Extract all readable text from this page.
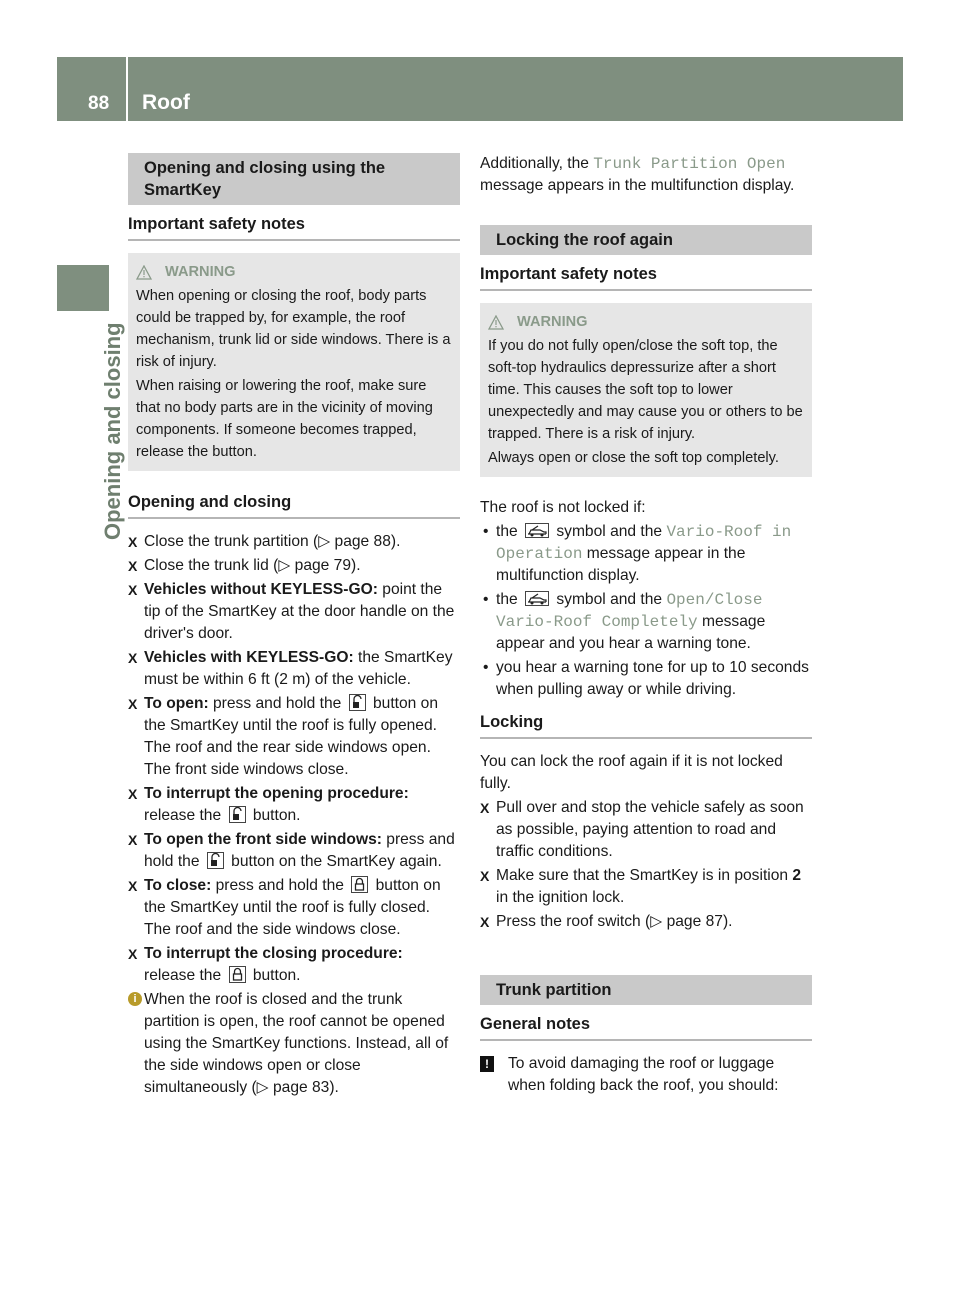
88 Roof
Opening and closing
Opening and closing using the SmartKey
Important safety notes
WARNING

When opening or closing the roof, body parts could be trapped by, for example, the roof mechanism, trunk lid or side windows. There is a risk of injury.

When raising or lowering the roof, make sure that no body parts are in the vicinity of moving components. If someone becomes trapped, release the button.

Opening and closing
X Close the trunk partition (▷ page 88).
X Close the trunk lid (▷ page 79).
X Vehicles without KEYLESS-GO: point the tip of the SmartKey at the door handle on the driver's door.
X Vehicles with KEYLESS-GO: the SmartKey must be within 6 ft (2 m) of the vehicle.
X To open: press and hold the
button on the SmartKey until the roof is fully opened.
The roof and the rear side windows open. The front side windows close.
X To interrupt the opening procedure:
release the
button.
X To open the front side windows: press and hold the
button on the SmartKey again.
X To close: press and hold the
button on the SmartKey until the roof is fully closed.
The roof and the side windows close.
X To interrupt the closing procedure:
release the
button.
i When the roof is closed and the trunk partition is open, the roof cannot be opened using the SmartKey functions. Instead, all of the side windows open or close simultaneously (▷ page 83).

Additionally, the Trunk Partition Open message appears in the multifunction display.

Locking the roof again
Important safety notes
WARNING

If you do not fully open/close the soft top, the soft-top hydraulics depressurize after a short time. This causes the soft top to lower unexpectedly and may cause you or others to be trapped. There is a risk of injury.

Always open or close the soft top completely.

The roof is not locked if:

• the
symbol and the Vario-Roof in Operation message appear in the multifunction display.
• the
symbol and the Open/Close Vario-Roof Completely message appear and you hear a warning tone.
• you hear a warning tone for up to 10 seconds when pulling away or while driving.
Locking

You can lock the roof again if it is not locked fully.

X Pull over and stop the vehicle safely as soon as possible, paying attention to road and traffic conditions.
X Make sure that the SmartKey is in position 2 in the ignition lock.
X Press the roof switch (▷ page 87).
Trunk partition
General notes
!	To avoid damaging the roof or luggage when folding back the roof, you should:
